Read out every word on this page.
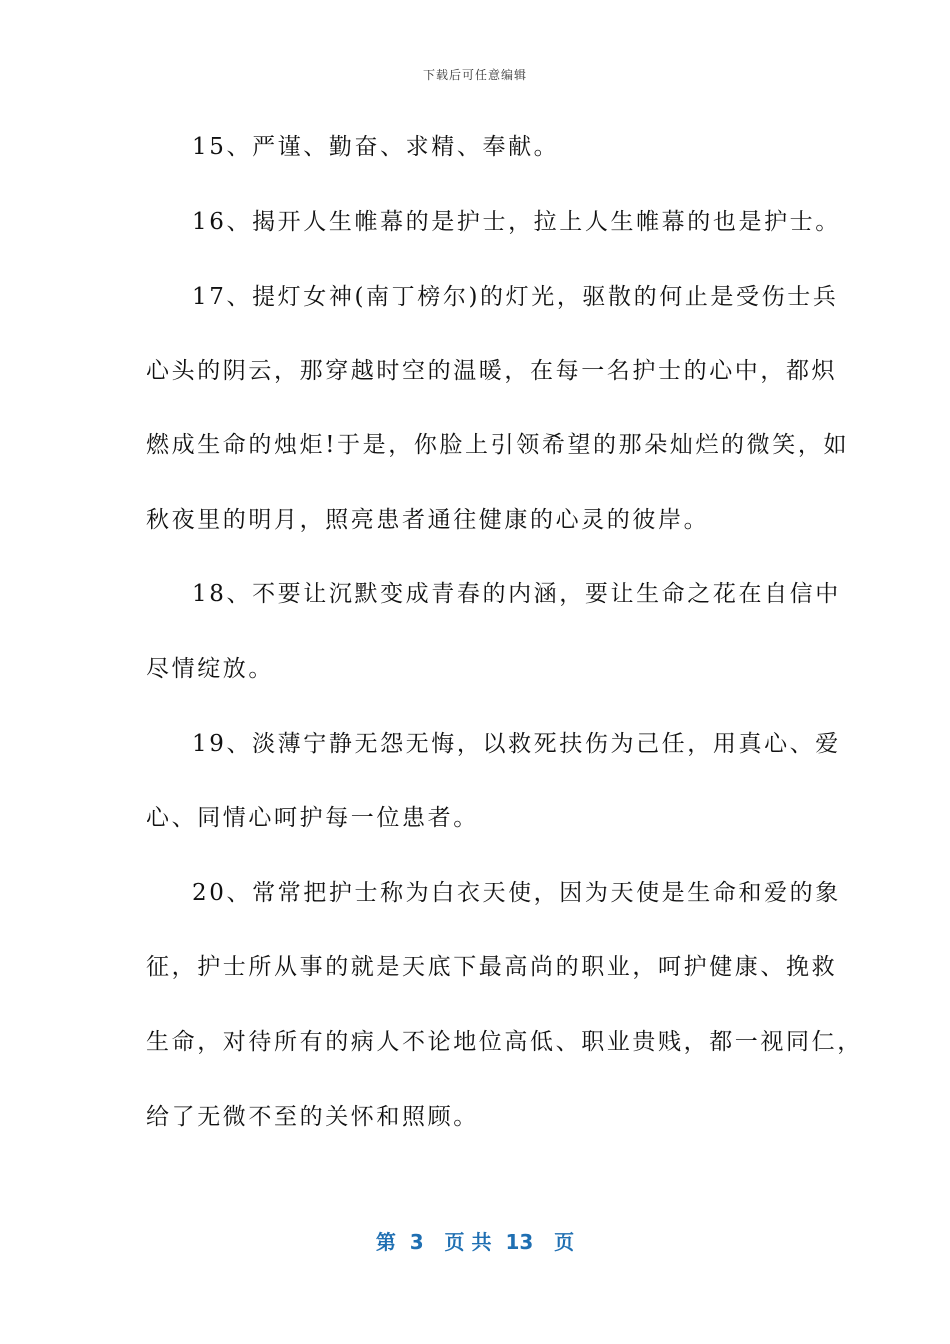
下载后可任意编辑
15、严谨、勤奋、求精、奉献。
16、揭开人生帷幕的是护士，拉上人生帷幕的也是护士。
17、提灯女神(南丁榜尔)的灯光，驱散的何止是受伤士兵
心头的阴云，那穿越时空的温暖，在每一名护士的心中，都炽
燃成生命的烛炬!于是，你脸上引领希望的那朵灿烂的微笑，如
秋夜里的明月，照亮患者通往健康的心灵的彼岸。
18、不要让沉默变成青春的内涵，要让生命之花在自信中
尽情绽放。
19、淡薄宁静无怨无悔，以救死扶伤为己任，用真心、爱
心、同情心呵护每一位患者。
20、常常把护士称为白衣天使，因为天使是生命和爱的象
征，护士所从事的就是天底下最高尚的职业，呵护健康、挽救
生命，对待所有的病人不论地位高低、职业贵贱，都一视同仁，
给了无微不至的关怀和照顾。
第  3   页 共  13   页
